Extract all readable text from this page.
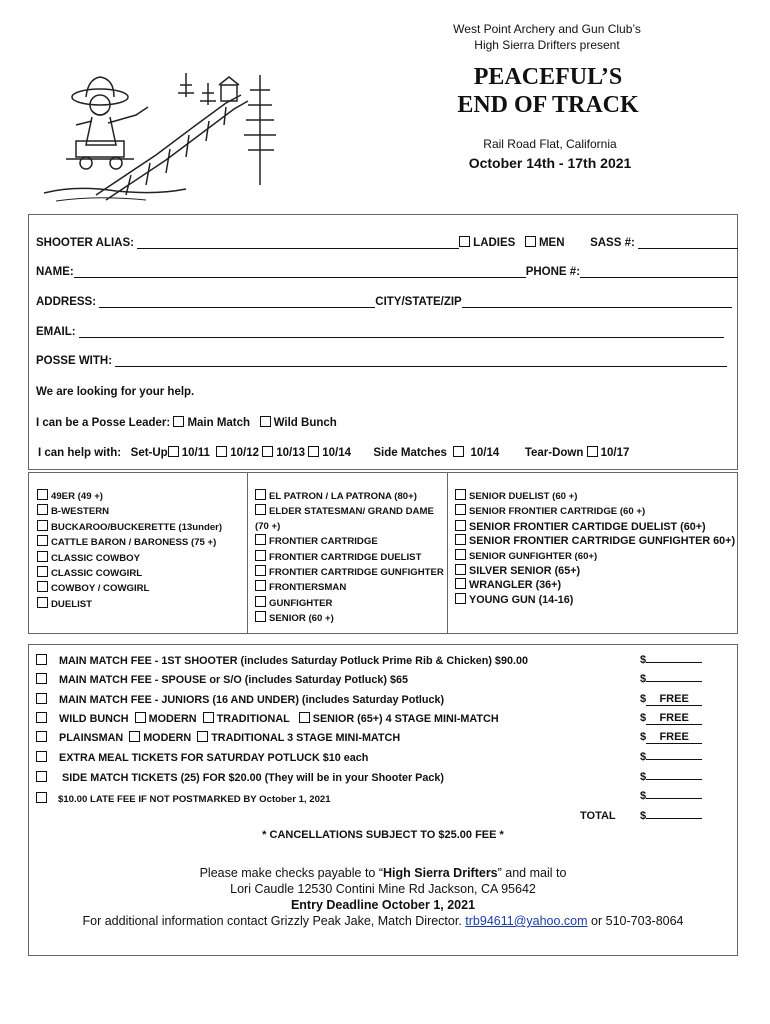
West Point Archery and Gun Club’s
High Sierra Drifters present
PEACEFUL’S
END OF TRACK
Rail Road Flat, California
October 14th - 17th 2021
SHOOTER ALIAS:	LADIES MEN SASS #:
NAME:	PHONE #:
ADDRESS:	CITY/STATE/ZIP
EMAIL:
POSSE WITH:
We are looking for your help.
I can be a Posse Leader: Main Match Wild Bunch
I can help with: Set-Up 10/11 10/12 10/13 10/14 Side Matches 10/14 Tear-Down 10/17
49ER (49 +)
B-WESTERN
BUCKAROO/BUCKERETTE (13under)
CATTLE BARON / BARONESS (75 +)
CLASSIC COWBOY
CLASSIC COWGIRL
COWBOY / COWGIRL
DUELIST
EL PATRON / LA PATRONA (80+)
ELDER STATESMAN/ GRAND DAME
(70 +)
FRONTIER CARTRIDGE
FRONTIER CARTRIDGE DUELIST
FRONTIER CARTRIDGE GUNFIGHTER
FRONTIERSMAN
GUNFIGHTER
SENIOR (60 +)
SENIOR DUELIST (60 +)
SENIOR FRONTIER CARTRIDGE (60 +)
SENIOR FRONTIER CARTIDGE DUELIST (60+)
SENIOR FRONTIER CARTRIDGE GUNFIGHTER 60+)
SENIOR GUNFIGHTER (60+)
SILVER SENIOR (65+)
WRANGLER (36+)
YOUNG GUN (14-16)
MAIN MATCH FEE - 1ST SHOOTER (includes Saturday Potluck Prime Rib & Chicken) $90.00	$
MAIN MATCH FEE - SPOUSE or S/O (includes Saturday Potluck) $65	$
MAIN MATCH FEE - JUNIORS (16 AND UNDER) (includes Saturday Potluck)	$ FREE
WILD BUNCH MODERN TRADITIONAL SENIOR (65+) 4 STAGE MINI-MATCH	$ FREE
PLAINSMAN MODERN TRADITIONAL 3 STAGE MINI-MATCH	$ FREE
EXTRA MEAL TICKETS FOR SATURDAY POTLUCK $10 each	$
SIDE MATCH TICKETS (25) FOR $20.00 (They will be in your Shooter Pack)	$
$10.00 LATE FEE IF NOT POSTMARKED BY October 1, 2021	$
TOTAL $
* CANCELLATIONS SUBJECT TO $25.00 FEE *
Please make checks payable to “High Sierra Drifters” and mail to
Lori Caudle 12530 Contini Mine Rd Jackson, CA 95642
Entry Deadline October 1, 2021
For additional information contact Grizzly Peak Jake, Match Director. trb94611@yahoo.com or 510-703-8064
